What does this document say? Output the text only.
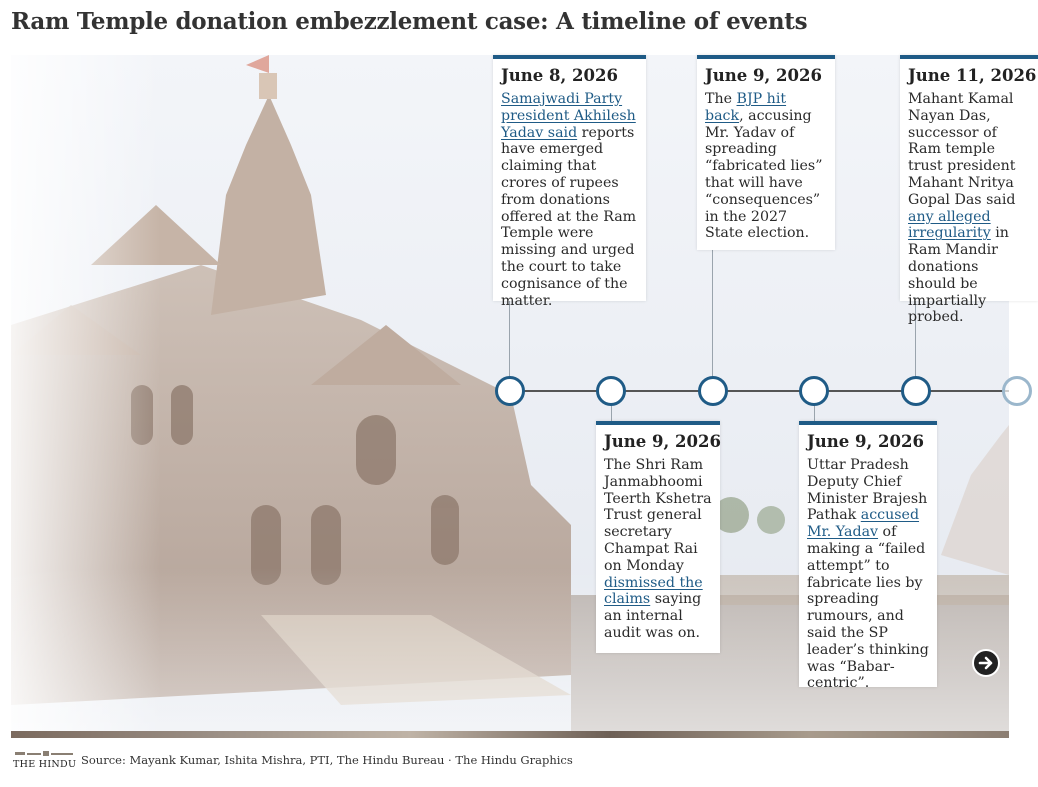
Ram Temple donation embezzlement case: A timeline of events
June 8, 2026
Samajwadi Party president Akhilesh Yadav said reports have emerged claiming that crores of rupees from donations offered at the Ram Temple were missing and urged the court to take cognisance of the matter.
June 9, 2026
The Shri Ram Janmabhoomi Teerth Kshetra Trust general secretary Champat Rai on Monday dismissed the claims saying an internal audit was on.
June 9, 2026
The BJP hit back, accusing Mr. Yadav of spreading “fabricated lies” that will have “consequences” in the 2027 State election.
June 9, 2026
Uttar Pradesh Deputy Chief Minister Brajesh Pathak accused Mr. Yadav of making a “failed attempt” to fabricate lies by spreading rumours, and said the SP leader’s thinking was “Babar-centric”.
June 11, 2026
Mahant Kamal Nayan Das, successor of Ram temple trust president Mahant Nritya Gopal Das said any alleged irregularity in Ram Mandir donations should be impartially probed.
THE HINDU Source: Mayank Kumar, Ishita Mishra, PTI, The Hindu Bureau · The Hindu Graphics
